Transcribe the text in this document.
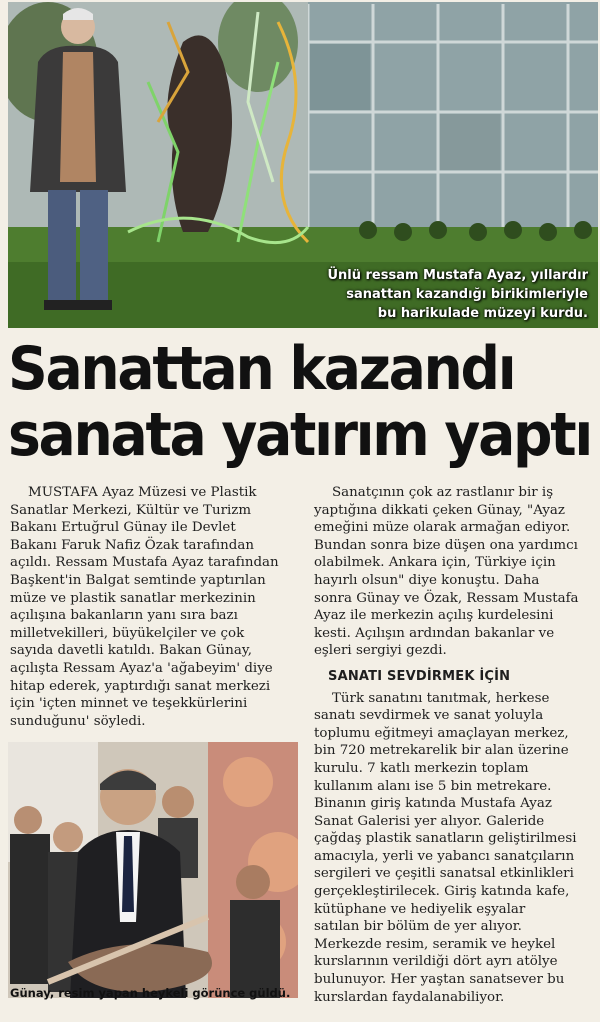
Ünlü ressam Mustafa Ayaz, yıllardır
sanattan kazandığı birikimleriyle
bu harikulade müzeyi kurdu.
Sanattan kazandı
sanata yatırım yaptı

MUSTAFA Ayaz Müzesi ve Plastik

Sanatlar Merkezi, Kültür ve Turizm
Bakanı Ertuğrul Günay ile Devlet
Bakanı Faruk Nafiz Özak tarafından
açıldı. Ressam Mustafa Ayaz tarafından
Başkent'in Balgat semtinde yaptırılan
müze ve plastik sanatlar merkezinin
açılışına bakanların yanı sıra bazı
milletvekilleri, büyükelçiler ve çok
sayıda davetli katıldı. Bakan Günay,
açılışta Ressam Ayaz'a 'ağabeyim' diye
hitap ederek, yaptırdığı sanat merkezi
için 'içten minnet ve teşekkürlerini
sunduğunu' söyledi.
Günay, resim yapan heykeli görünce güldü.

Sanatçının çok az rastlanır bir iş

yaptığına dikkati çeken Günay, "Ayaz
emeğini müze olarak armağan ediyor.
Bundan sonra bize düşen ona yardımcı
olabilmek. Ankara için, Türkiye için
hayırlı olsun" diye konuştu. Daha
sonra Günay ve Özak, Ressam Mustafa
Ayaz ile merkezin açılış kurdelesini
kesti. Açılışın ardından bakanlar ve
eşleri sergiyi gezdi.
SANATI SEVDİRMEK İÇİN

Türk sanatını tanıtmak, herkese

sanatı sevdirmek ve sanat yoluyla
toplumu eğitmeyi amaçlayan merkez,
bin 720 metrekarelik bir alan üzerine
kurulu. 7 katlı merkezin toplam
kullanım alanı ise 5 bin metrekare.
Binanın giriş katında Mustafa Ayaz
Sanat Galerisi yer alıyor. Galeride
çağdaş plastik sanatların geliştirilmesi
amacıyla, yerli ve yabancı sanatçıların
sergileri ve çeşitli sanatsal etkinlikleri
gerçekleştirilecek. Giriş katında kafe,
kütüphane ve hediyelik eşyalar
satılan bir bölüm de yer alıyor.
Merkezde resim, seramik ve heykel
kurslarının verildiği dört ayrı atölye
bulunuyor. Her yaştan sanatsever bu
kurslardan faydalanabiliyor.
